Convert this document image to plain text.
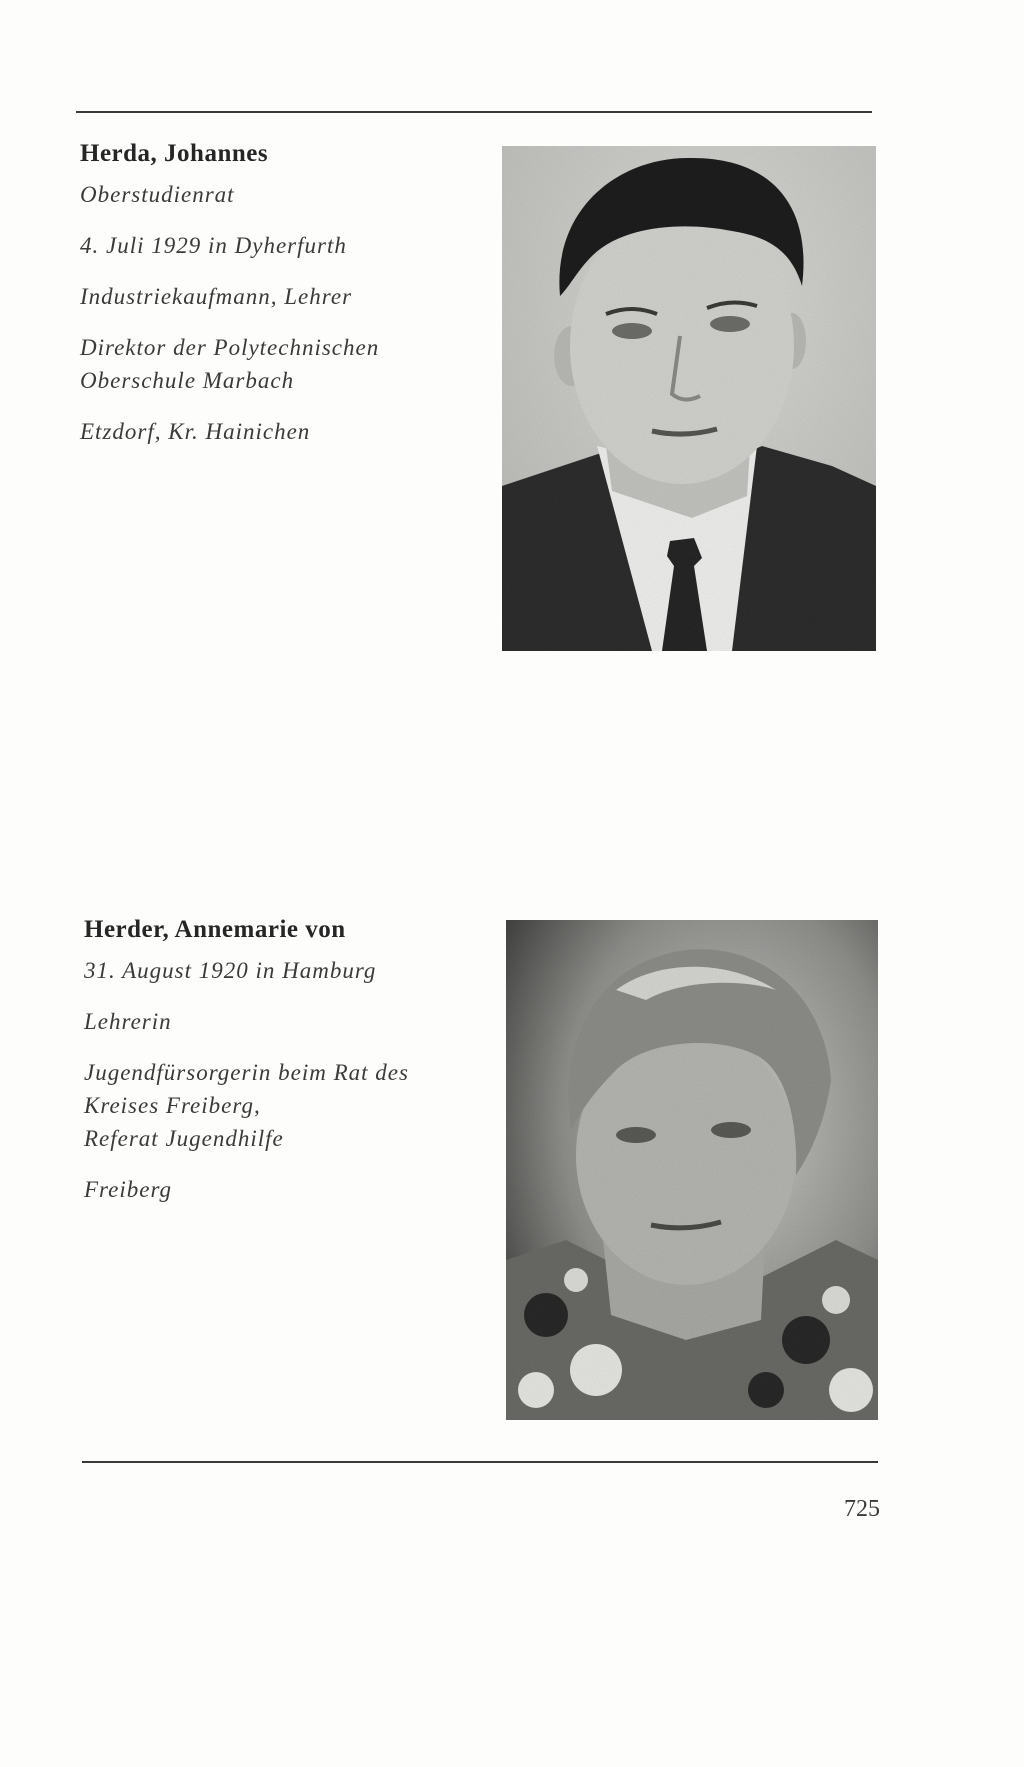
Herda, Johannes
Oberstudienrat
4. Juli 1929 in Dyherfurth
Industriekaufmann, Lehrer
Direktor der Polytechnischen
Oberschule Marbach
Etzdorf, Kr. Hainichen
Herder, Annemarie von
31. August 1920 in Hamburg
Lehrerin
Jugendfürsorgerin beim Rat des
Kreises Freiberg,
Referat Jugendhilfe
Freiberg
725
